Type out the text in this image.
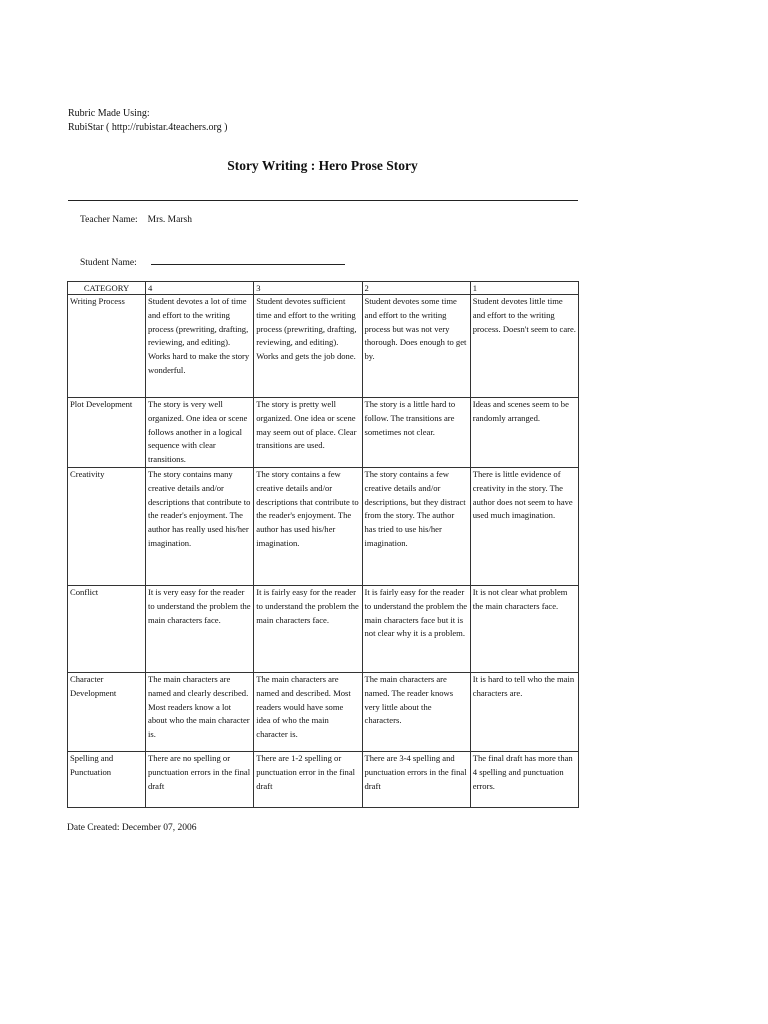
Rubric Made Using:
RubiStar ( http://rubistar.4teachers.org )
Story Writing : Hero Prose Story
Teacher Name: Mrs. Marsh
Student Name:
CATEGORY	4	3	2	1
Writing Process	Student devotes a lot of time and effort to the writing process (prewriting, drafting, reviewing, and editing). Works hard to make the story wonderful.	Student devotes sufficient time and effort to the writing process (prewriting, drafting, reviewing, and editing). Works and gets the job done.	Student devotes some time and effort to the writing process but was not very thorough. Does enough to get by.	Student devotes little time and effort to the writing process. Doesn't seem to care.
Plot Development	The story is very well organized. One idea or scene follows another in a logical sequence with clear transitions.	The story is pretty well organized. One idea or scene may seem out of place. Clear transitions are used.	The story is a little hard to follow. The transitions are sometimes not clear.	Ideas and scenes seem to be randomly arranged.
Creativity	The story contains many creative details and/or descriptions that contribute to the reader's enjoyment. The author has really used his/her imagination.	The story contains a few creative details and/or descriptions that contribute to the reader's enjoyment. The author has used his/her imagination.	The story contains a few creative details and/or descriptions, but they distract from the story. The author has tried to use his/her imagination.	There is little evidence of creativity in the story. The author does not seem to have used much imagination.
Conflict	It is very easy for the reader to understand the problem the main characters face.	It is fairly easy for the reader to understand the problem the main characters face.	It is fairly easy for the reader to understand the problem the main characters face but it is not clear why it is a problem.	It is not clear what problem the main characters face.
Character Development	The main characters are named and clearly described. Most readers know a lot about who the main character is.	The main characters are named and described. Most readers would have some idea of who the main character is.	The main characters are named. The reader knows very little about the characters.	It is hard to tell who the main characters are.
Spelling and Punctuation	There are no spelling or punctuation errors in the final draft	There are 1-2 spelling or punctuation error in the final draft	There are 3-4 spelling and punctuation errors in the final draft	The final draft has more than 4 spelling and punctuation errors.
Date Created: December 07, 2006
